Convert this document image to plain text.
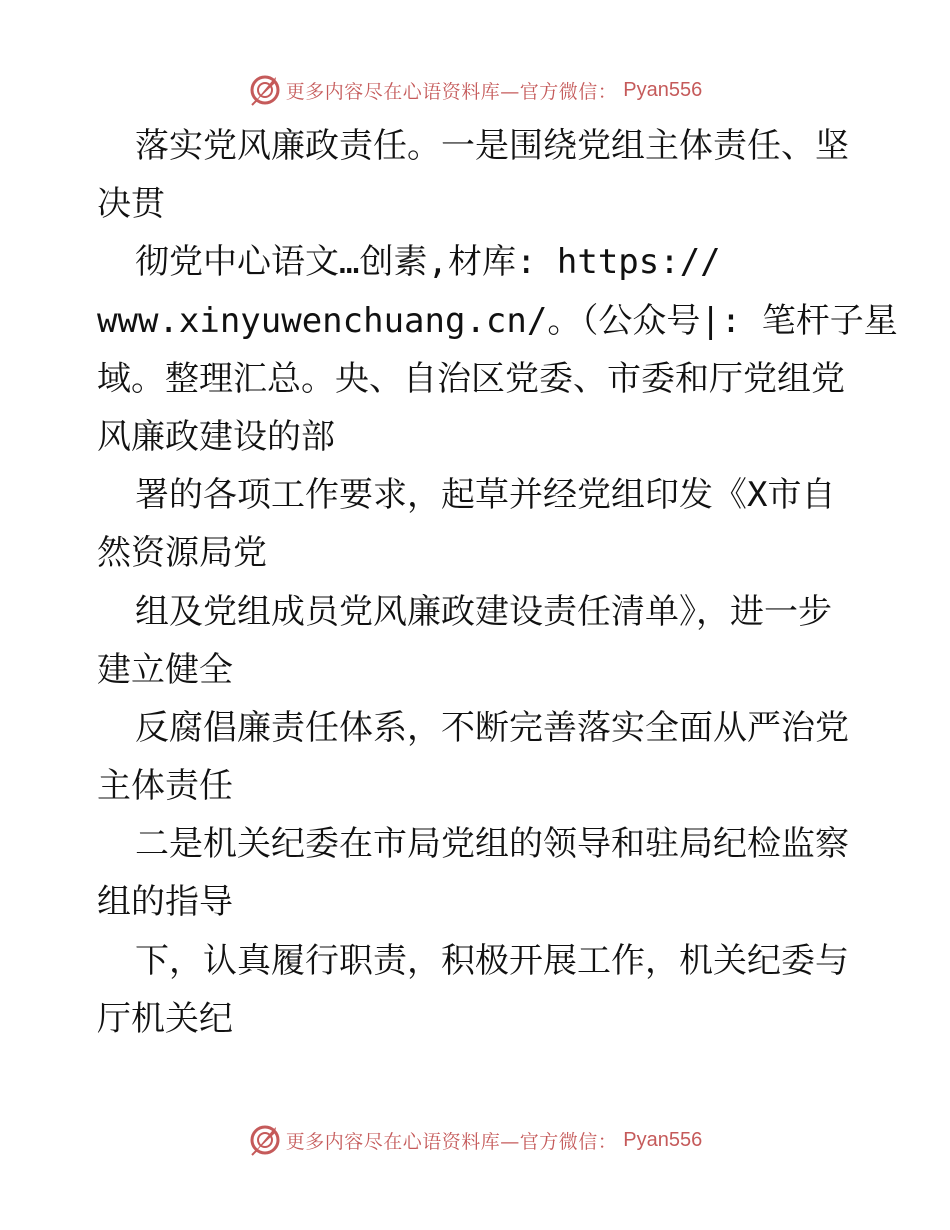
更多内容尽在心语资料库—官方微信： Pyan556
落实党风廉政责任。一是围绕党组主体责任、坚
决贯
彻党中心语文…创素,材库: https://
www.xinyuwenchuang.cn/。（公众号|: 笔杆子星
域。整理汇总。央、自治区党委、市委和厅党组党
风廉政建设的部
署的各项工作要求，起草并经党组印发《X市自
然资源局党
组及党组成员党风廉政建设责任清单》，进一步
建立健全
反腐倡廉责任体系，不断完善落实全面从严治党
主体责任
二是机关纪委在市局党组的领导和驻局纪检监察
组的指导
下，认真履行职责，积极开展工作，机关纪委与
厅机关纪
更多内容尽在心语资料库—官方微信： Pyan556
